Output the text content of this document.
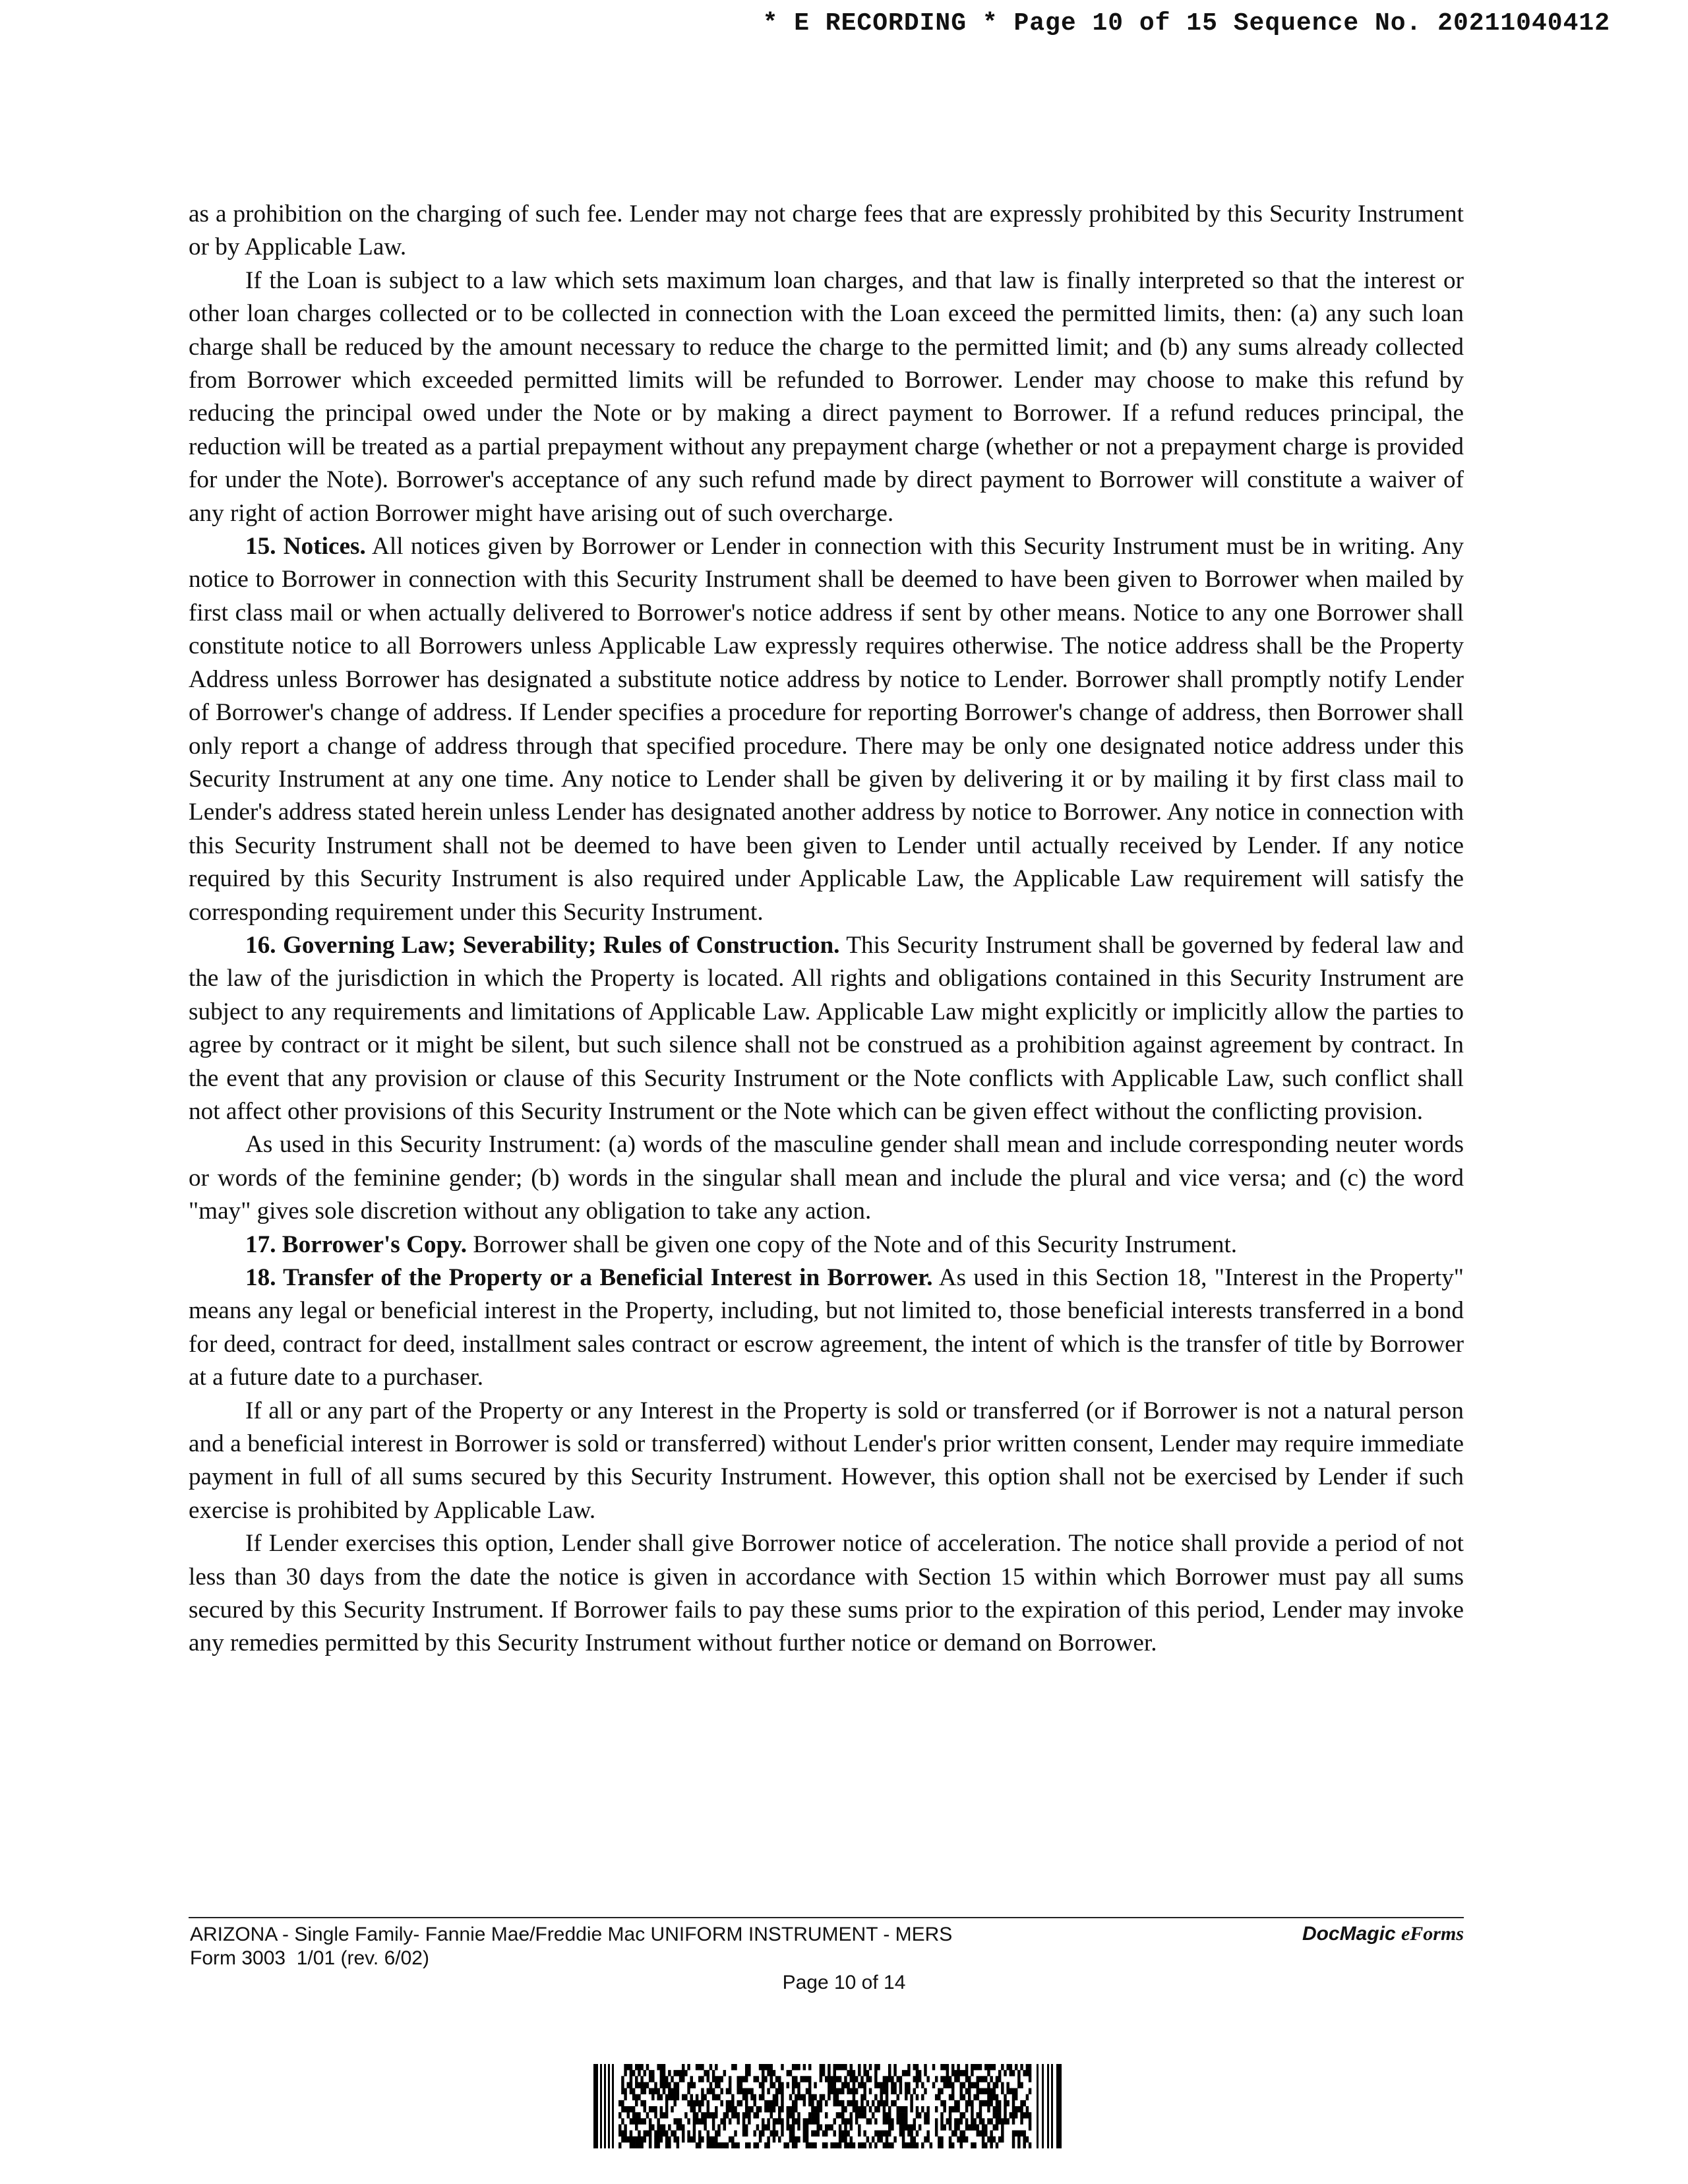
* E RECORDING * Page 10 of 15 Sequence No. 20211040412

as a prohibition on the charging of such fee. Lender may not charge fees that are expressly prohibited by this Security Instrument or by Applicable Law.

If the Loan is subject to a law which sets maximum loan charges, and that law is finally interpreted so that the interest or other loan charges collected or to be collected in connection with the Loan exceed the permitted limits, then: (a) any such loan charge shall be reduced by the amount necessary to reduce the charge to the permitted limit; and (b) any sums already collected from Borrower which exceeded permitted limits will be refunded to Borrower. Lender may choose to make this refund by reducing the principal owed under the Note or by making a direct payment to Borrower. If a refund reduces principal, the reduction will be treated as a partial prepayment without any prepayment charge (whether or not a prepayment charge is provided for under the Note). Borrower's acceptance of any such refund made by direct payment to Borrower will constitute a waiver of any right of action Borrower might have arising out of such overcharge.

15. Notices. All notices given by Borrower or Lender in connection with this Security Instrument must be in writing. Any notice to Borrower in connection with this Security Instrument shall be deemed to have been given to Borrower when mailed by first class mail or when actually delivered to Borrower's notice address if sent by other means. Notice to any one Borrower shall constitute notice to all Borrowers unless Applicable Law expressly requires otherwise. The notice address shall be the Property Address unless Borrower has designated a substitute notice address by notice to Lender. Borrower shall promptly notify Lender of Borrower's change of address. If Lender specifies a procedure for reporting Borrower's change of address, then Borrower shall only report a change of address through that specified procedure. There may be only one designated notice address under this Security Instrument at any one time. Any notice to Lender shall be given by delivering it or by mailing it by first class mail to Lender's address stated herein unless Lender has designated another address by notice to Borrower. Any notice in connection with this Security Instrument shall not be deemed to have been given to Lender until actually received by Lender. If any notice required by this Security Instrument is also required under Applicable Law, the Applicable Law requirement will satisfy the corresponding requirement under this Security Instrument.

16. Governing Law; Severability; Rules of Construction. This Security Instrument shall be governed by federal law and the law of the jurisdiction in which the Property is located. All rights and obligations contained in this Security Instrument are subject to any requirements and limitations of Applicable Law. Applicable Law might explicitly or implicitly allow the parties to agree by contract or it might be silent, but such silence shall not be construed as a prohibition against agreement by contract. In the event that any provision or clause of this Security Instrument or the Note conflicts with Applicable Law, such conflict shall not affect other provisions of this Security Instrument or the Note which can be given effect without the conflicting provision.

As used in this Security Instrument: (a) words of the masculine gender shall mean and include corresponding neuter words or words of the feminine gender; (b) words in the singular shall mean and include the plural and vice versa; and (c) the word "may" gives sole discretion without any obligation to take any action.

17. Borrower's Copy. Borrower shall be given one copy of the Note and of this Security Instrument.

18. Transfer of the Property or a Beneficial Interest in Borrower. As used in this Section 18, "Interest in the Property" means any legal or beneficial interest in the Property, including, but not limited to, those beneficial interests transferred in a bond for deed, contract for deed, installment sales contract or escrow agreement, the intent of which is the transfer of title by Borrower at a future date to a purchaser.

If all or any part of the Property or any Interest in the Property is sold or transferred (or if Borrower is not a natural person and a beneficial interest in Borrower is sold or transferred) without Lender's prior written consent, Lender may require immediate payment in full of all sums secured by this Security Instrument. However, this option shall not be exercised by Lender if such exercise is prohibited by Applicable Law.

If Lender exercises this option, Lender shall give Borrower notice of acceleration. The notice shall provide a period of not less than 30 days from the date the notice is given in accordance with Section 15 within which Borrower must pay all sums secured by this Security Instrument. If Borrower fails to pay these sums prior to the expiration of this period, Lender may invoke any remedies permitted by this Security Instrument without further notice or demand on Borrower.

ARIZONA - Single Family- Fannie Mae/Freddie Mac UNIFORM INSTRUMENT - MERS
Form 3003  1/01 (rev. 6/02)
DocMagic eForms
Page 10 of 14
